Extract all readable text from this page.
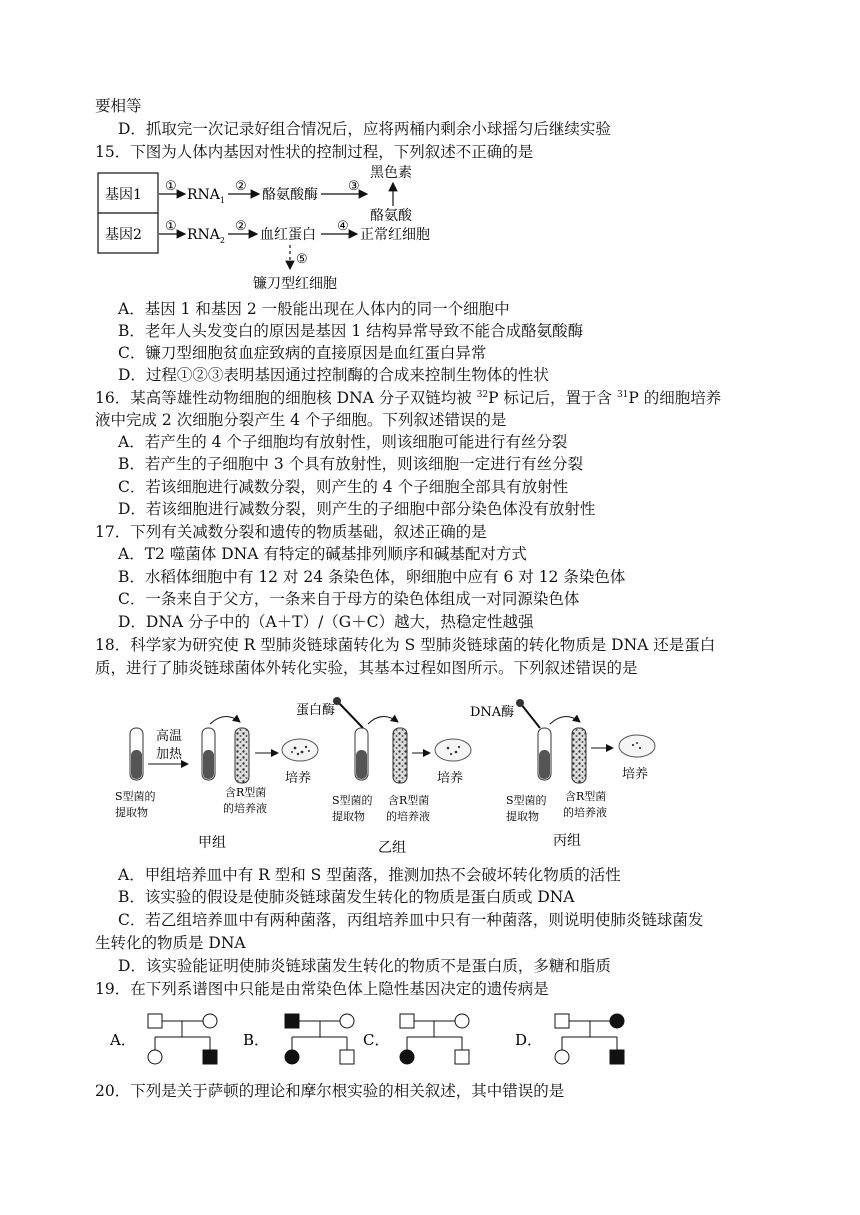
要相等
D．抓取完一次记录好组合情况后，应将两桶内剩余小球摇匀后继续实验
15．下图为人体内基因对性状的控制过程，下列叙述不正确的是
基因1
基因2
①
$RNA_1$
②
酪氨酸酶
③
黑色素
酪氨酸
①
$RNA_2$
②
血红蛋白
④
正常红细胞
⑤
镰刀型红细胞
A．基因 1 和基因 2 一般能出现在人体内的同一个细胞中
B．老年人头发变白的原因是基因 1 结构异常导致不能合成酪氨酸酶
C．镰刀型细胞贫血症致病的直接原因是血红蛋白异常
D．过程①②③表明基因通过控制酶的合成来控制生物体的性状
16．某高等雄性动物细胞的细胞核 DNA 分子双链均被 $^{32}$P 标记后，置于含 $^{31}$P 的细胞培养
液中完成 2 次细胞分裂产生 4 个子细胞。下列叙述错误的是
A．若产生的 4 个子细胞均有放射性，则该细胞可能进行有丝分裂
B．若产生的子细胞中 3 个具有放射性，则该细胞一定进行有丝分裂
C．若该细胞进行减数分裂，则产生的 4 个子细胞全部具有放射性
D．若该细胞进行减数分裂，则产生的子细胞中部分染色体没有放射性
17．下列有关减数分裂和遗传的物质基础，叙述正确的是
A．T2 噬菌体 DNA 有特定的碱基排列顺序和碱基配对方式
B．水稻体细胞中有 12 对 24 条染色体，卵细胞中应有 6 对 12 条染色体
C．一条来自于父方，一条来自于母方的染色体组成一对同源染色体
D．DNA 分子中的（A＋T）/（G＋C）越大，热稳定性越强
18．科学家为研究使 R 型肺炎链球菌转化为 S 型肺炎链球菌的转化物质是 DNA 还是蛋白
质，进行了肺炎链球菌体外转化实验，其基本过程如图所示。下列叙述错误的是
高温
加热
培养
S型菌的
提取物
含R型菌
的培养液
甲组
蛋白酶
培养
S型菌的
提取物
含R型菌
的培养液
乙组
DNA酶
培养
S型菌的
提取物
含R型菌
的培养液
丙组
A．甲组培养皿中有 R 型和 S 型菌落，推测加热不会破坏转化物质的活性
B．该实验的假设是使肺炎链球菌发生转化的物质是蛋白质或 DNA
C．若乙组培养皿中有两种菌落，丙组培养皿中只有一种菌落，则说明使肺炎链球菌发
生转化的物质是 DNA
D．该实验能证明使肺炎链球菌发生转化的物质不是蛋白质，多糖和脂质
19．在下列系谱图中只能是由常染色体上隐性基因决定的遗传病是
A．	B．	C．	D．
20．下列是关于萨顿的理论和摩尔根实验的相关叙述，其中错误的是
